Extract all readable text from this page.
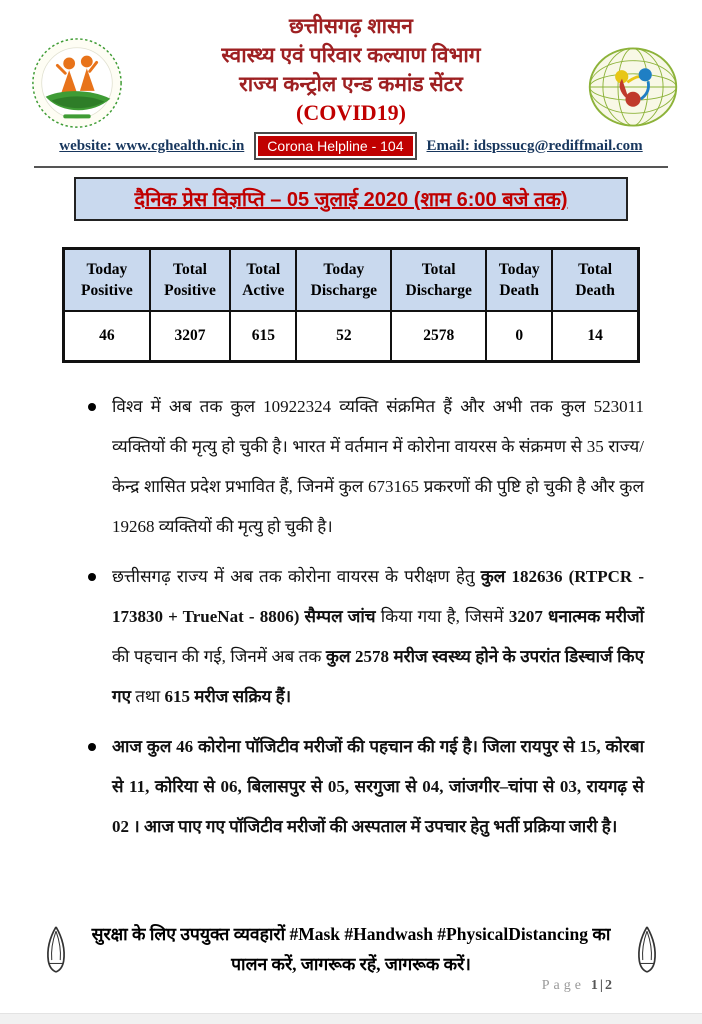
छत्तीसगढ़ शासन
स्वास्थ्य एवं परिवार कल्याण विभाग
राज्य कन्ट्रोल एन्ड कमांड सेंटर
(COVID19)
website: www.cghealth.nic.in	Corona Helpline - 104	Email: idspssucg@rediffmail.com
दैनिक प्रेस विज्ञप्ति – 05 जुलाई 2020 (शाम 6:00 बजे तक)
Today Positive	Total Positive	Total Active	Today Discharge	Total Discharge	Today Death	Total Death
46	3207	615	52	2578	0	14
विश्व में अब तक कुल 10922324 व्यक्ति संक्रमित हैं और अभी तक कुल 523011 व्यक्तियों की मृत्यु हो चुकी है। भारत में वर्तमान में कोरोना वायरस के संक्रमण से 35 राज्य/केन्द्र शासित प्रदेश प्रभावित हैं, जिनमें कुल 673165 प्रकरणों की पुष्टि हो चुकी है और कुल 19268 व्यक्तियों की मृत्यु हो चुकी है।
छत्तीसगढ़ राज्य में अब तक कोरोना वायरस के परीक्षण हेतु कुल 182636 (RTPCR - 173830 + TrueNat - 8806) सैम्पल जांच किया गया है, जिसमें 3207 धनात्मक मरीजों की पहचान की गई, जिनमें अब तक कुल 2578 मरीज स्वस्थ्य होने के उपरांत डिस्चार्ज किए गए तथा 615 मरीज सक्रिय हैं।
आज कुल 46 कोरोना पॉजिटीव मरीजों की पहचान की गई है। जिला रायपुर से 15, कोरबा से 11, कोरिया से 06, बिलासपुर से 05, सरगुजा से 04, जांजगीर–चांपा से 03, रायगढ़ से 02 । आज पाए गए पॉजिटीव मरीजों की अस्पताल में उपचार हेतु भर्ती प्रक्रिया जारी है।
सुरक्षा के लिए उपयुक्त व्यवहारों #Mask #Handwash #PhysicalDistancing का पालन करें, जागरूक रहें, जागरूक करें।
Page 1|2
